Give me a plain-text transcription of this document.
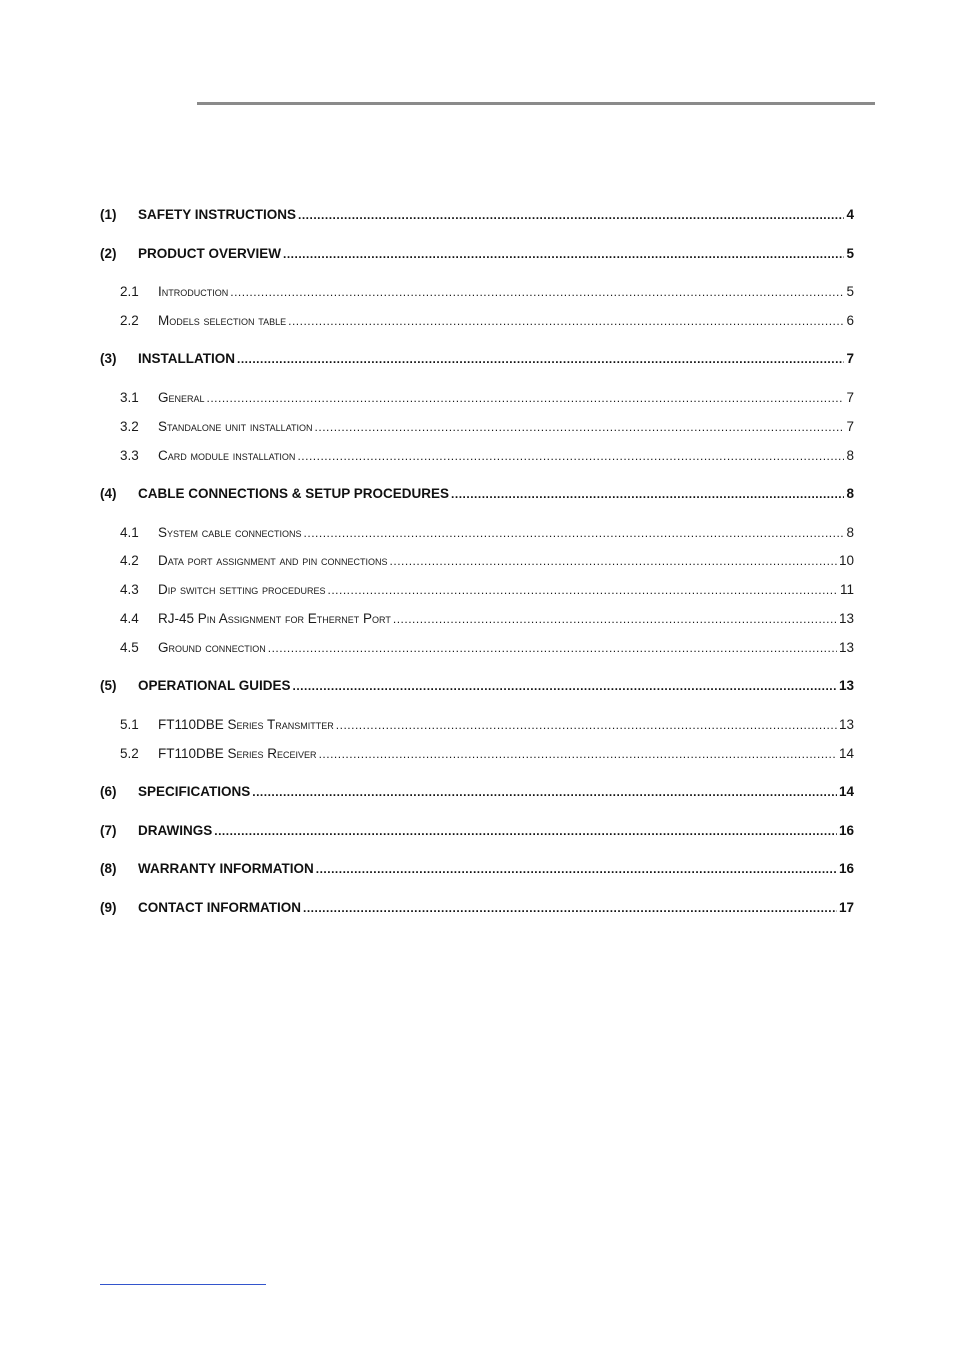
(1)	SAFETY INSTRUCTIONS .....	4
(2)	PRODUCT OVERVIEW .....	5
2.1	Introduction .....	5
2.2	Models selection table .....	6
(3)	INSTALLATION .....	7
3.1	General .....	7
3.2	Standalone unit installation .....	7
3.3	Card module installation .....	8
(4)	CABLE CONNECTIONS & SETUP PROCEDURES .....	8
4.1	System cable connections .....	8
4.2	Data port assignment and pin connections .....	10
4.3	Dip switch setting procedures .....	11
4.4	RJ-45 Pin Assignment for Ethernet Port .....	13
4.5	Ground connection .....	13
(5)	OPERATIONAL GUIDES .....	13
5.1	FT110DBE Series Transmitter .....	13
5.2	FT110DBE Series Receiver .....	14
(6)	SPECIFICATIONS .....	14
(7)	DRAWINGS .....	16
(8)	WARRANTY INFORMATION .....	16
(9)	CONTACT INFORMATION .....	17
